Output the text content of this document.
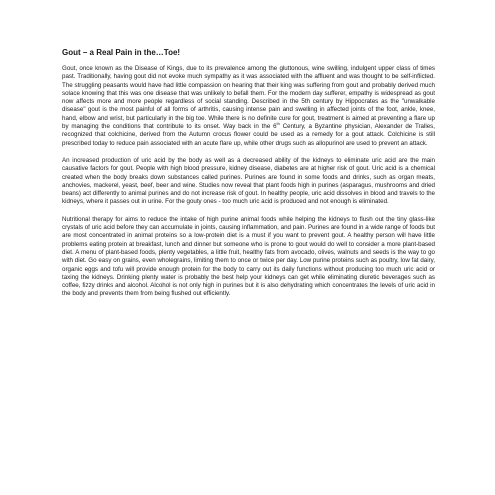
Gout – a Real Pain in the…Toe!

Gout, once known as the Disease of Kings, due to its prevalence among the gluttonous, wine swilling, indulgent upper class of times past. Traditionally, having gout did not evoke much sympathy as it was associated with the affluent and was thought to be self-inflicted. The struggling peasants would have had little compassion on hearing that their king was suffering from gout and probably derived much solace knowing that this was one disease that was unlikely to befall them. For the modern day sufferer, empathy is widespread as gout now affects more and more people regardless of social standing. Described in the 5th century by Hippocrates as the "unwalkable disease" gout is the most painful of all forms of arthritis, causing intense pain and swelling in affected joints of the foot, ankle, knee, hand, elbow and wrist, but particularly in the big toe. While there is no definite cure for gout, treatment is aimed at preventing a flare up by managing the conditions that contribute to its onset. Way back in the 6th Century, a Byzantine physician, Alexander de Tralles, recognized that colchicine, derived from the Autumn crocus flower could be used as a remedy for a gout attack. Colchicine is still prescribed today to reduce pain associated with an acute flare up, while other drugs such as allopurinol are used to prevent an attack.

An increased production of uric acid by the body as well as a decreased ability of the kidneys to eliminate uric acid are the main causative factors for gout. People with high blood pressure, kidney disease, diabetes are at higher risk of gout. Uric acid is a chemical created when the body breaks down substances called purines. Purines are found in some foods and drinks, such as organ meats, anchovies, mackerel, yeast, beef, beer and wine. Studies now reveal that plant foods high in purines (asparagus, mushrooms and dried beans) act differently to animal purines and do not increase risk of gout. In healthy people, uric acid dissolves in blood and travels to the kidneys, where it passes out in urine. For the gouty ones - too much uric acid is produced and not enough is eliminated.

Nutritional therapy for aims to reduce the intake of high purine animal foods while helping the kidneys to flush out the tiny glass-like crystals of uric acid before they can accumulate in joints, causing inflammation, and pain. Purines are found in a wide range of foods but are most concentrated in animal proteins so a low-protein diet is a must if you want to prevent gout. A healthy person will have little problems eating protein at breakfast, lunch and dinner but someone who is prone to gout would do well to consider a more plant-based diet. A menu of plant-based foods, plenty vegetables, a little fruit, healthy fats from avocado, olives, walnuts and seeds is the way to go with diet. Go easy on grains, even wholegrains, limiting them to once or twice per day. Low purine proteins such as poultry, low fat dairy, organic eggs and tofu will provide enough protein for the body to carry out its daily functions without producing too much uric acid or taxing the kidneys. Drinking plenty water is probably the best help your kidneys can get while eliminating diuretic beverages such as coffee, fizzy drinks and alcohol. Alcohol is not only high in purines but it is also dehydrating which concentrates the levels of uric acid in the body and prevents them from being flushed out efficiently.
